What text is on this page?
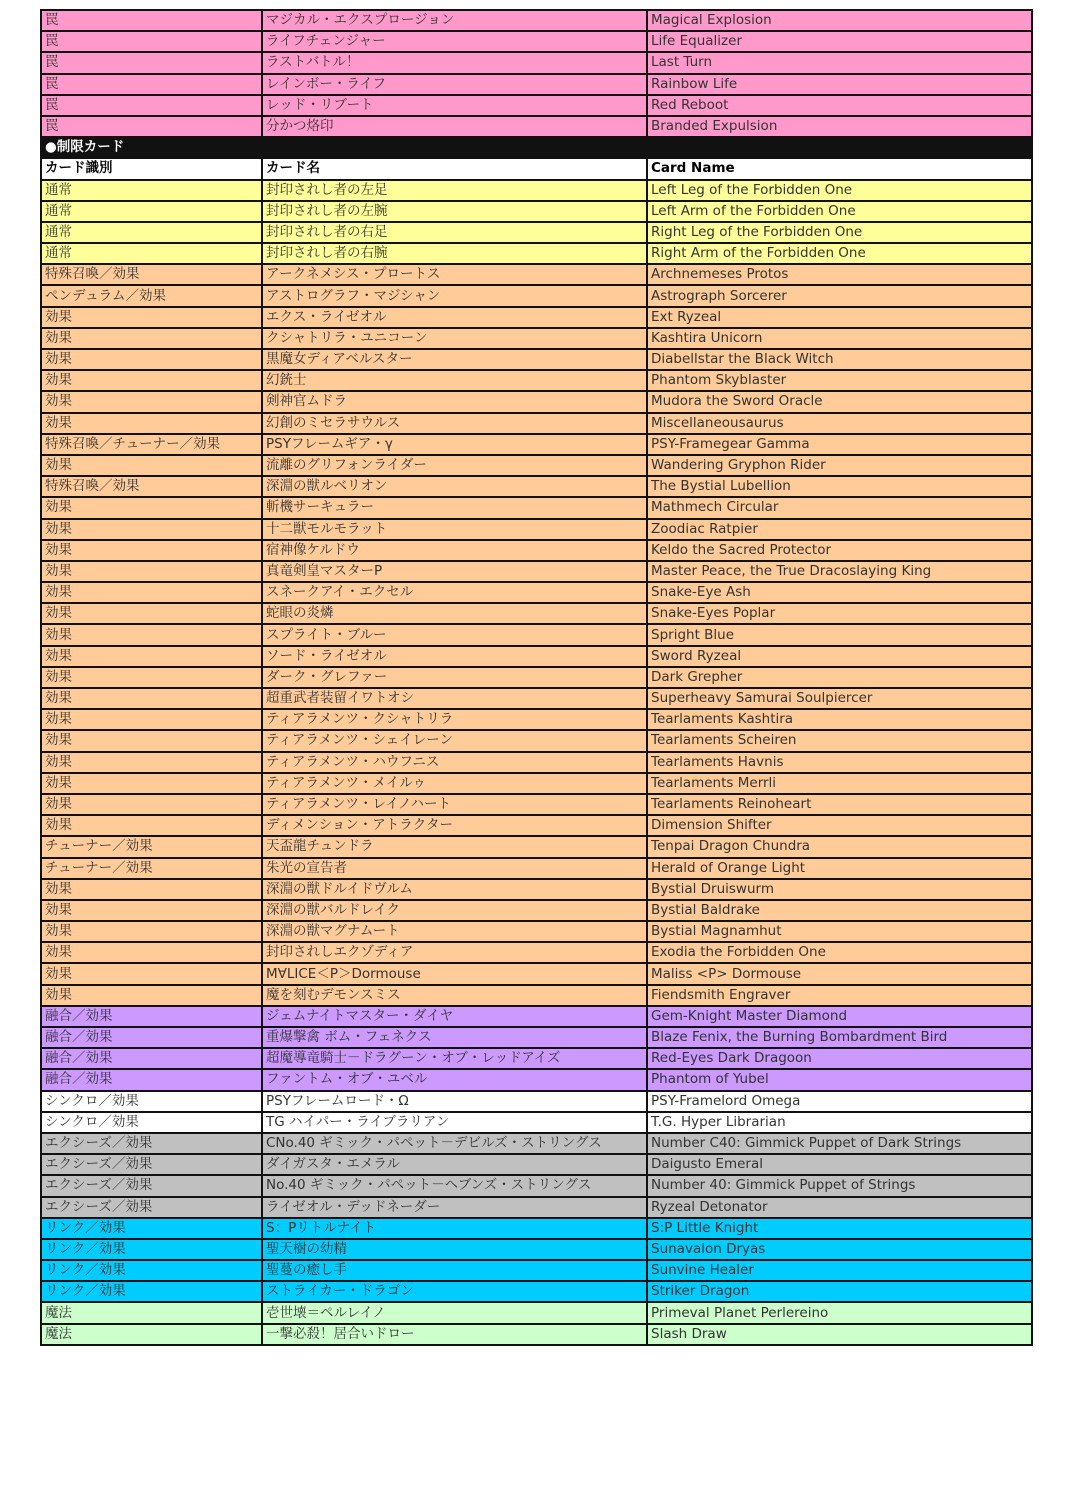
罠	マジカル・エクスプロージョン	Magical Explosion
罠	ライフチェンジャー	Life Equalizer
罠	ラストバトル！	Last Turn
罠	レインボー・ライフ	Rainbow Life
罠	レッド・リブート	Red Reboot
罠	分かつ烙印	Branded Expulsion
●制限カード		
カード識別	カード名	Card Name
通常	封印されし者の左足	Left Leg of the Forbidden One
通常	封印されし者の左腕	Left Arm of the Forbidden One
通常	封印されし者の右足	Right Leg of the Forbidden One
通常	封印されし者の右腕	Right Arm of the Forbidden One
特殊召喚／効果	アークネメシス・プロートス	Archnemeses Protos
ペンデュラム／効果	アストログラフ・マジシャン	Astrograph Sorcerer
効果	エクス・ライゼオル	Ext Ryzeal
効果	クシャトリラ・ユニコーン	Kashtira Unicorn
効果	黒魔女ディアベルスター	Diabellstar the Black Witch
効果	幻銃士	Phantom Skyblaster
効果	剣神官ムドラ	Mudora the Sword Oracle
効果	幻創のミセラサウルス	Miscellaneousaurus
特殊召喚／チューナー／効果	PSYフレームギア・γ	PSY-Framegear Gamma
効果	流離のグリフォンライダー	Wandering Gryphon Rider
特殊召喚／効果	深淵の獣ルベリオン	The Bystial Lubellion
効果	斬機サーキュラー	Mathmech Circular
効果	十二獣モルモラット	Zoodiac Ratpier
効果	宿神像ケルドウ	Keldo the Sacred Protector
効果	真竜剣皇マスターP	Master Peace, the True Dracoslaying King
効果	スネークアイ・エクセル	Snake-Eye Ash
効果	蛇眼の炎燐	Snake-Eyes Poplar
効果	スプライト・ブルー	Spright Blue
効果	ソード・ライゼオル	Sword Ryzeal
効果	ダーク・グレファー	Dark Grepher
効果	超重武者装留イワトオシ	Superheavy Samurai Soulpiercer
効果	ティアラメンツ・クシャトリラ	Tearlaments Kashtira
効果	ティアラメンツ・シェイレーン	Tearlaments Scheiren
効果	ティアラメンツ・ハウフニス	Tearlaments Havnis
効果	ティアラメンツ・メイルゥ	Tearlaments Merrli
効果	ティアラメンツ・レイノハート	Tearlaments Reinoheart
効果	ディメンション・アトラクター	Dimension Shifter
チューナー／効果	天盃龍チュンドラ	Tenpai Dragon Chundra
チューナー／効果	朱光の宣告者	Herald of Orange Light
効果	深淵の獣ドルイドヴルム	Bystial Druiswurm
効果	深淵の獣バルドレイク	Bystial Baldrake
効果	深淵の獣マグナムート	Bystial Magnamhut
効果	封印されしエクゾディア	Exodia the Forbidden One
効果	M∀LICE＜P＞Dormouse	Maliss <P> Dormouse
効果	魔を刻むデモンスミス	Fiendsmith Engraver
融合／効果	ジェムナイトマスター・ダイヤ	Gem-Knight Master Diamond
融合／効果	重爆撃禽 ボム・フェネクス	Blaze Fenix, the Burning Bombardment Bird
融合／効果	超魔導竜騎士－ドラグーン・オブ・レッドアイズ	Red-Eyes Dark Dragoon
融合／効果	ファントム・オブ・ユベル	Phantom of Yubel
シンクロ／効果	PSYフレームロード・Ω	PSY-Framelord Omega
シンクロ／効果	TG ハイパー・ライブラリアン	T.G. Hyper Librarian
エクシーズ／効果	CNo.40 ギミック・パペット－デビルズ・ストリングス	Number C40: Gimmick Puppet of Dark Strings
エクシーズ／効果	ダイガスタ・エメラル	Daigusto Emeral
エクシーズ／効果	No.40 ギミック・パペット－ヘブンズ・ストリングス	Number 40: Gimmick Puppet of Strings
エクシーズ／効果	ライゼオル・デッドネーダー	Ryzeal Detonator
リンク／効果	S：Pリトルナイト	S:P Little Knight
リンク／効果	聖天樹の幼精	Sunavalon Dryas
リンク／効果	聖蔓の癒し手	Sunvine Healer
リンク／効果	ストライカー・ドラゴン	Striker Dragon
魔法	壱世壊＝ペルレイノ	Primeval Planet Perlereino
魔法	一撃必殺！居合いドロー	Slash Draw
